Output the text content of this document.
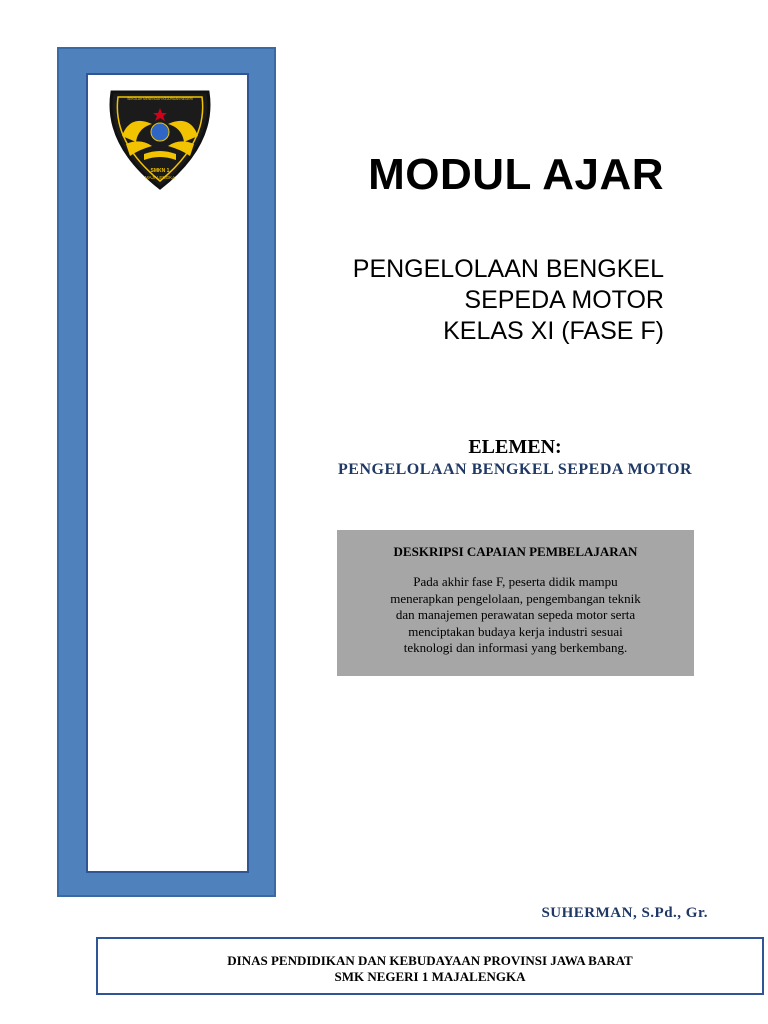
SEKOLAH MENENGAH KEJURUAN NEGERI
SMKN 1
MAJALENGKA	MODUL AJAR
PENGELOLAAN BENGKEL
SEPEDA MOTOR
KELAS XI (FASE F)
ELEMEN:
PENGELOLAAN BENGKEL SEPEDA MOTOR
DESKRIPSI CAPAIAN PEMBELAJARAN
Pada akhir fase F, peserta didik mampu
menerapkan pengelolaan, pengembangan teknik
dan manajemen perawatan sepeda motor serta
menciptakan budaya kerja industri sesuai
teknologi dan informasi yang berkembang.
SUHERMAN, S.Pd., Gr.
DINAS PENDIDIKAN DAN KEBUDAYAAN PROVINSI JAWA BARAT
SMK NEGERI 1 MAJALENGKA
